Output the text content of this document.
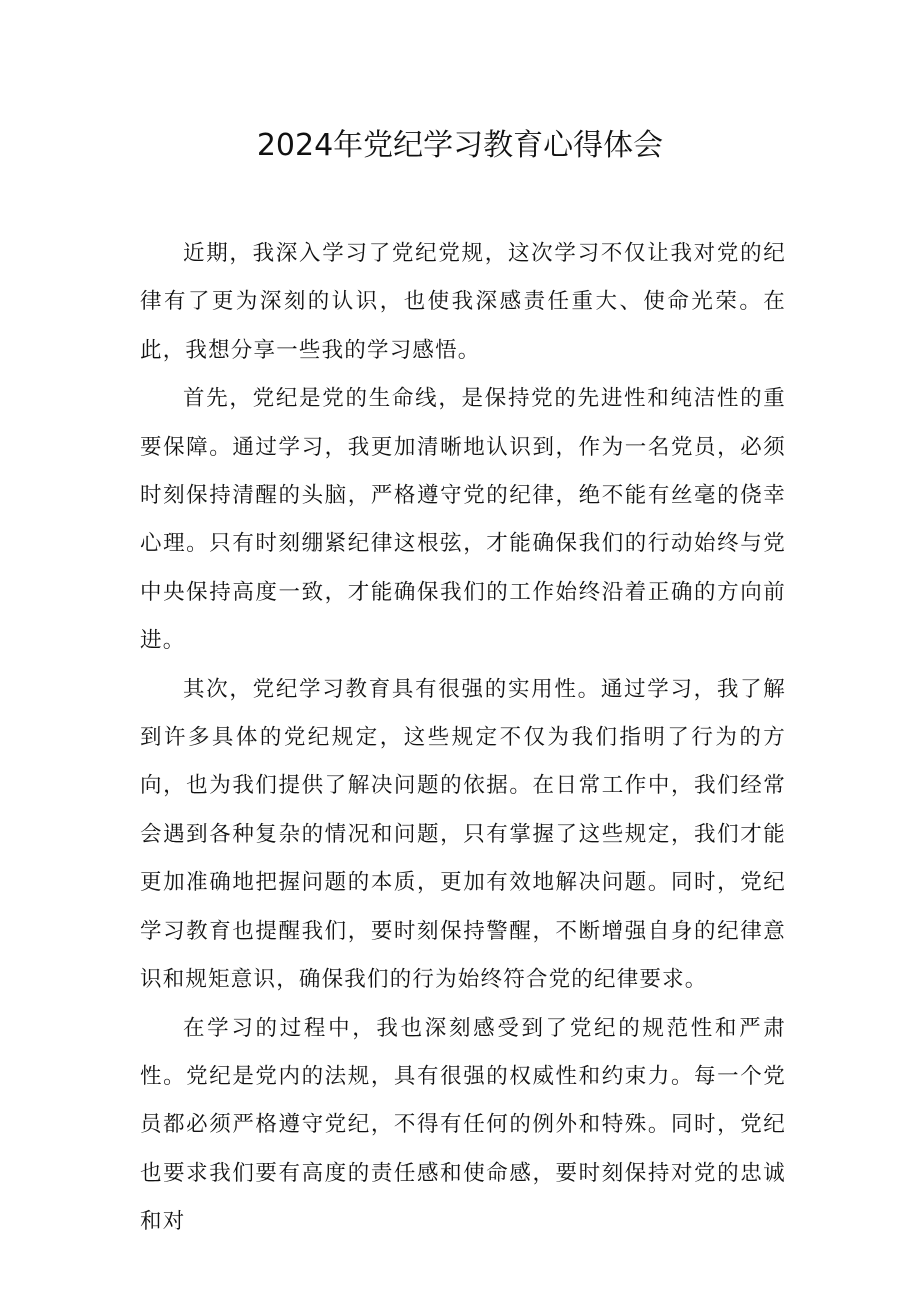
2024年党纪学习教育心得体会

近期，我深入学习了党纪党规，这次学习不仅让我对党的纪律有了更为深刻的认识，也使我深感责任重大、使命光荣。在此，我想分享一些我的学习感悟。

首先，党纪是党的生命线，是保持党的先进性和纯洁性的重要保障。通过学习，我更加清晰地认识到，作为一名党员，必须时刻保持清醒的头脑，严格遵守党的纪律，绝不能有丝毫的侥幸心理。只有时刻绷紧纪律这根弦，才能确保我们的行动始终与党中央保持高度一致，才能确保我们的工作始终沿着正确的方向前进。

其次，党纪学习教育具有很强的实用性。通过学习，我了解到许多具体的党纪规定，这些规定不仅为我们指明了行为的方向，也为我们提供了解决问题的依据。在日常工作中，我们经常会遇到各种复杂的情况和问题，只有掌握了这些规定，我们才能更加准确地把握问题的本质，更加有效地解决问题。同时，党纪学习教育也提醒我们，要时刻保持警醒，不断增强自身的纪律意识和规矩意识，确保我们的行为始终符合党的纪律要求。

在学习的过程中，我也深刻感受到了党纪的规范性和严肃性。党纪是党内的法规，具有很强的权威性和约束力。每一个党员都必须严格遵守党纪，不得有任何的例外和特殊。同时，党纪也要求我们要有高度的责任感和使命感，要时刻保持对党的忠诚和对
